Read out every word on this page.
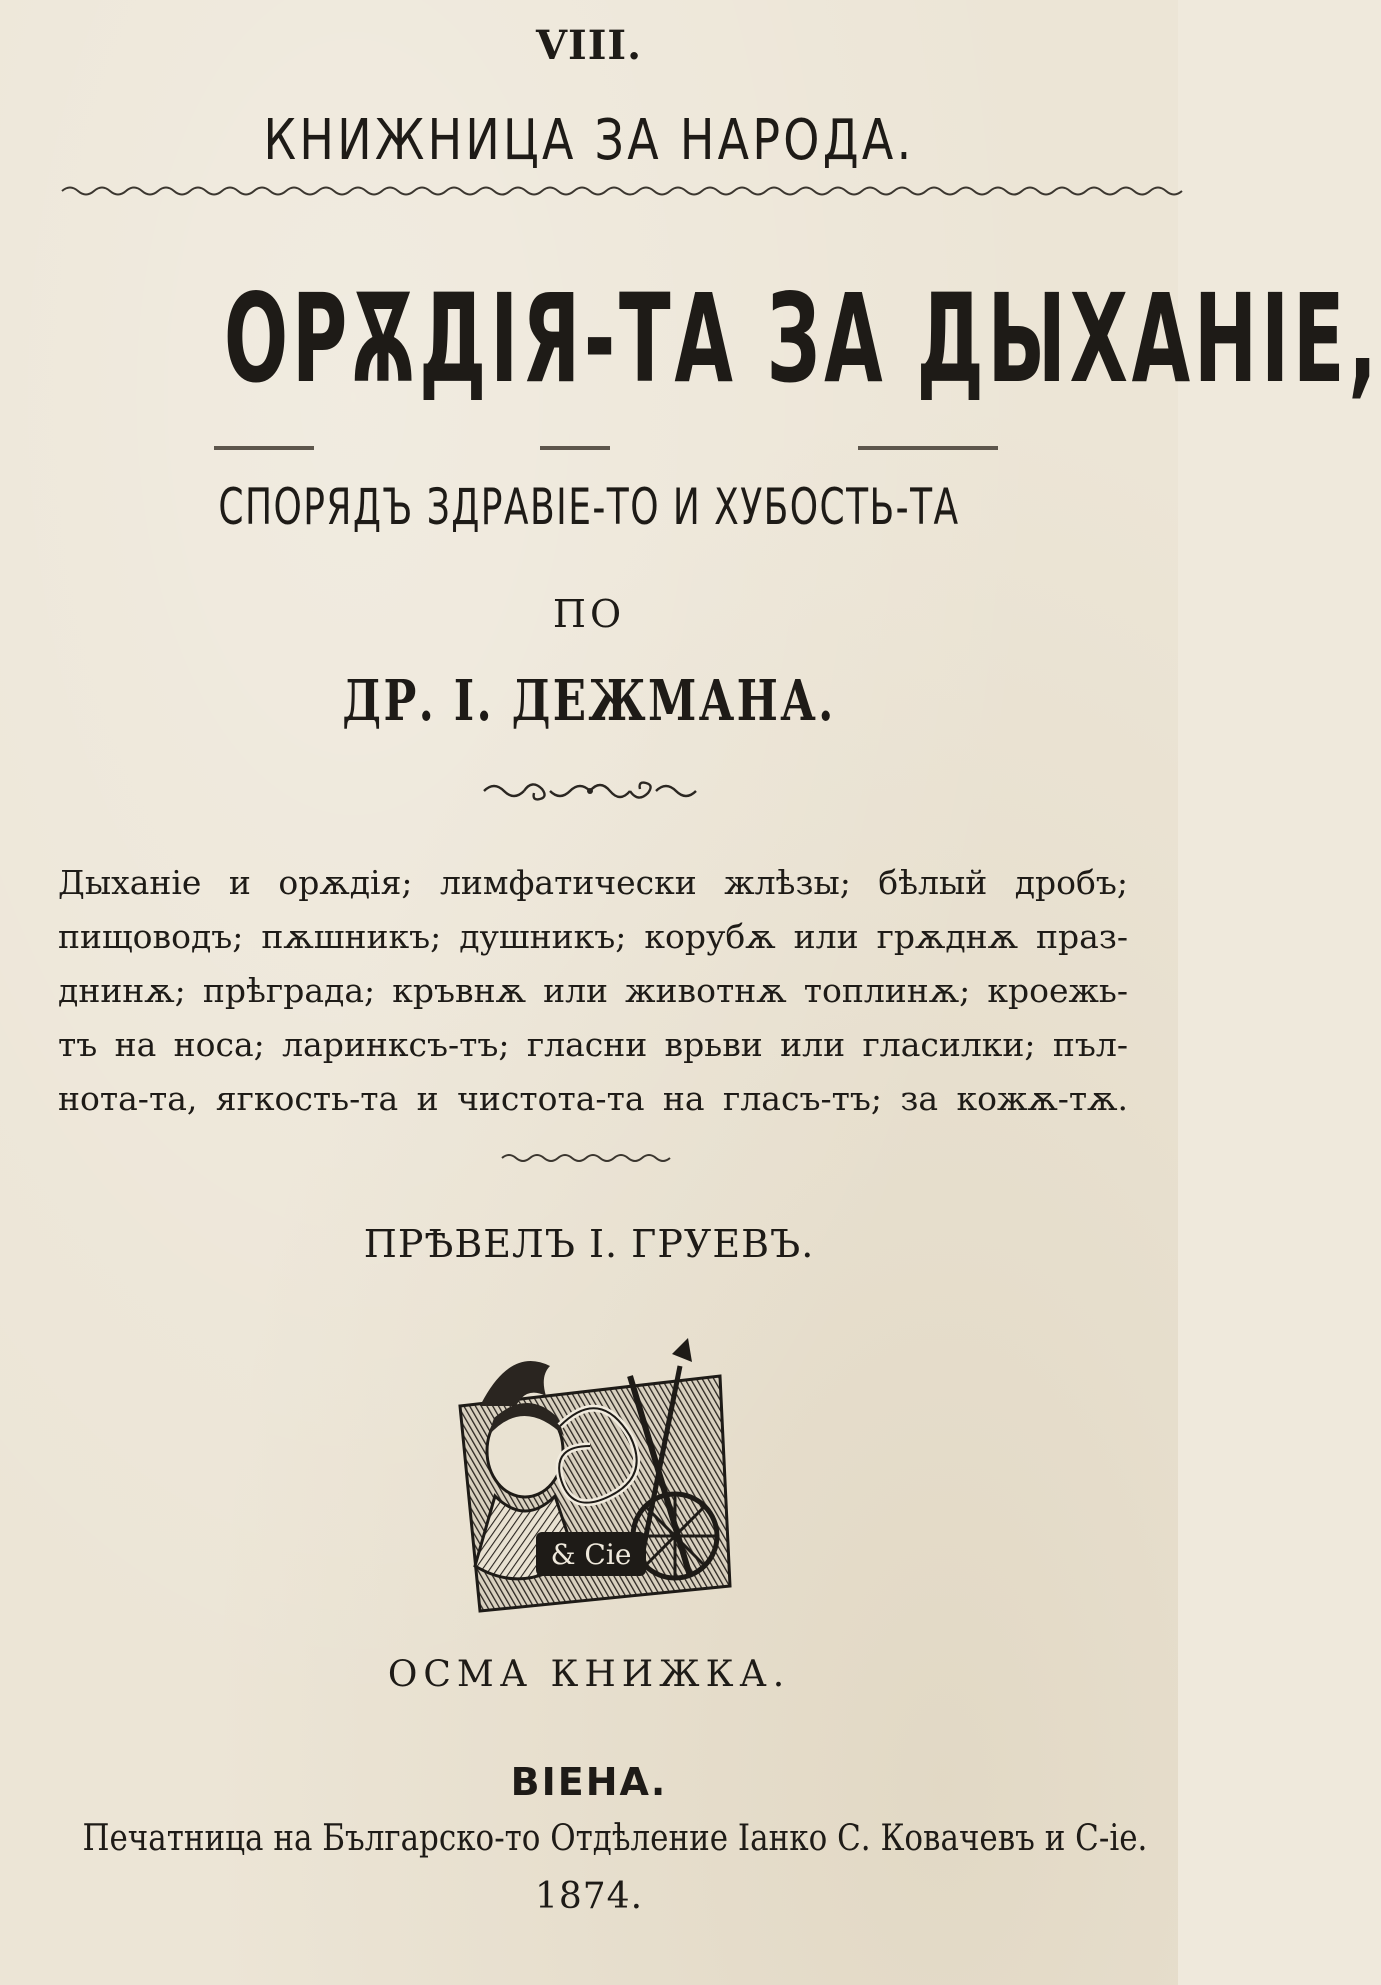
VIII.
КНИЖНИЦА ЗА НАРОДА.
ОРѪДІЯ-ТА ЗА ДЫХАНІЕ,
СПОРЯДЪ ЗДРАВІЕ-ТО И ХУБОСТЬ-ТА
ПО
ДР. I. ДЕЖМАНА.
Дыханіе и орѫдія; лимфатически жлѣзы; бѣлый дробъ;
пищоводъ; пѫшникъ; душникъ; корубѫ или грѫднѫ праз-
днинѫ; прѣграда; кръвнѫ или животнѫ топлинѫ; кроежь-
тъ на носа; ларинксъ-тъ; гласни врьви или гласилки; пъл-
нота-та, ягкость-та и чистота-та на гласъ-тъ; за кожѫ-тѫ.
ПРѢВЕЛЪ I. ГРУЕВЪ.
& Cie
ОСМА КНИЖКА.
ВІЕНА.
Печатница на Българско-то Отдѣление Іанко С. Ковачевъ и С-іе.
1874.
